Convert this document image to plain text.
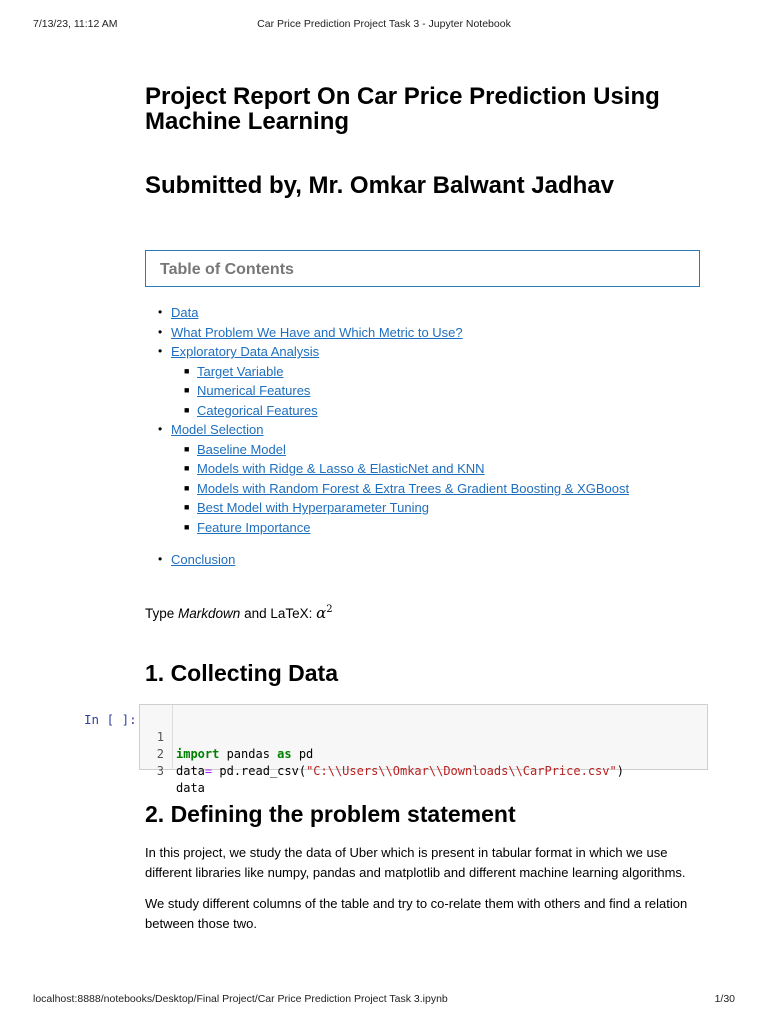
7/13/23, 11:12 AM	Car Price Prediction Project Task 3 - Jupyter Notebook
Project Report On Car Price Prediction Using
Machine Learning
Submitted by, Mr. Omkar Balwant Jadhav
Table of Contents
• Data
• What Problem We Have and Which Metric to Use?
• Exploratory Data Analysis
■ Target Variable
■ Numerical Features
■ Categorical Features
• Model Selection
■ Baseline Model
■ Models with Ridge & Lasso & ElasticNet and KNN
■ Models with Random Forest & Extra Trees & Gradient Boosting & XGBoost
■ Best Model with Hyperparameter Tuning
■ Feature Importance
• Conclusion
Type Markdown and LaTeX: $\alpha^2$
1. Collecting Data
In [ ]:

1

import pandas as pd

2

data= pd.read_csv("C:\\Users\\Omkar\\Downloads\\CarPrice.csv")

3

data

2. Defining the problem statement

In this project, we study the data of Uber which is present in tabular format in which we use different libraries like numpy, pandas and matplotlib and different machine learning algorithms.

We study different columns of the table and try to co-relate them with others and find a relation between those two.

localhost:8888/notebooks/Desktop/Final Project/Car Price Prediction Project Task 3.ipynb	1/30
